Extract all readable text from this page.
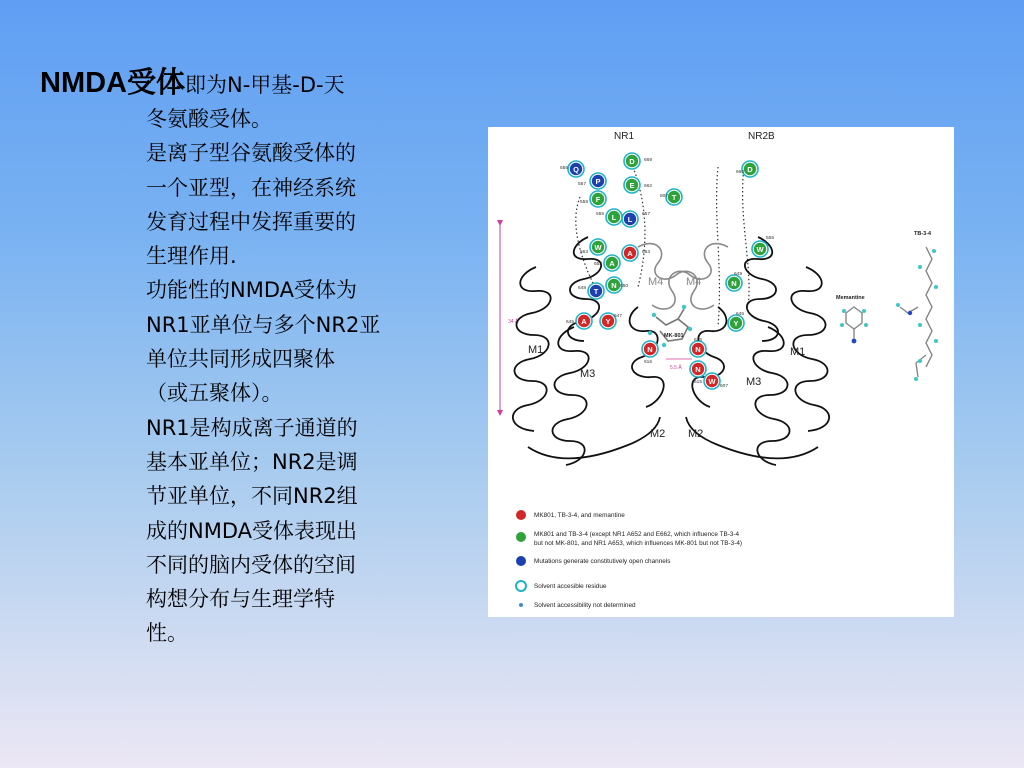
NMDA受体即为N-甲基-D-天
冬氨酸受体。
是离子型谷氨酸受体的
一个亚型，在神经系统
发育过程中发挥重要的
生理作用.
功能性的NMDA受体为
NR1亚单位与多个NR2亚
单位共同形成四聚体
（或五聚体）。
NR1是构成离子通道的
基本亚单位；NR2是调
节亚单位，不同NR2组
成的NMDA受体表现出
不同的脑内受体的空间
构想分布与生理学特
性。
NR1	NR2B
34 Å
M1
M3
M2
M4 M4
M2
M3
M1
MK-801
5.5 Å
Memantine
TB-3-4
Q
556
P
557
F
558
L
555
W
563
A
652
T
648	N 650
A
645	Y
647
D 669
E 662
L
657
A 653
T
807
N
616
D
668
W
555
N
649
Y
646
N
615
N
615 W
607
MK801, TB-3-4, and memantine
MK801 and TB-3-4 (except NR1 A652 and E662, which influence TB-3-4
but not MK-801, and NR1 A653, which influences MK-801 but not TB-3-4)
Mutations generate constitutively open channels
Solvent accesible residue
Solvent accessibility not determined
